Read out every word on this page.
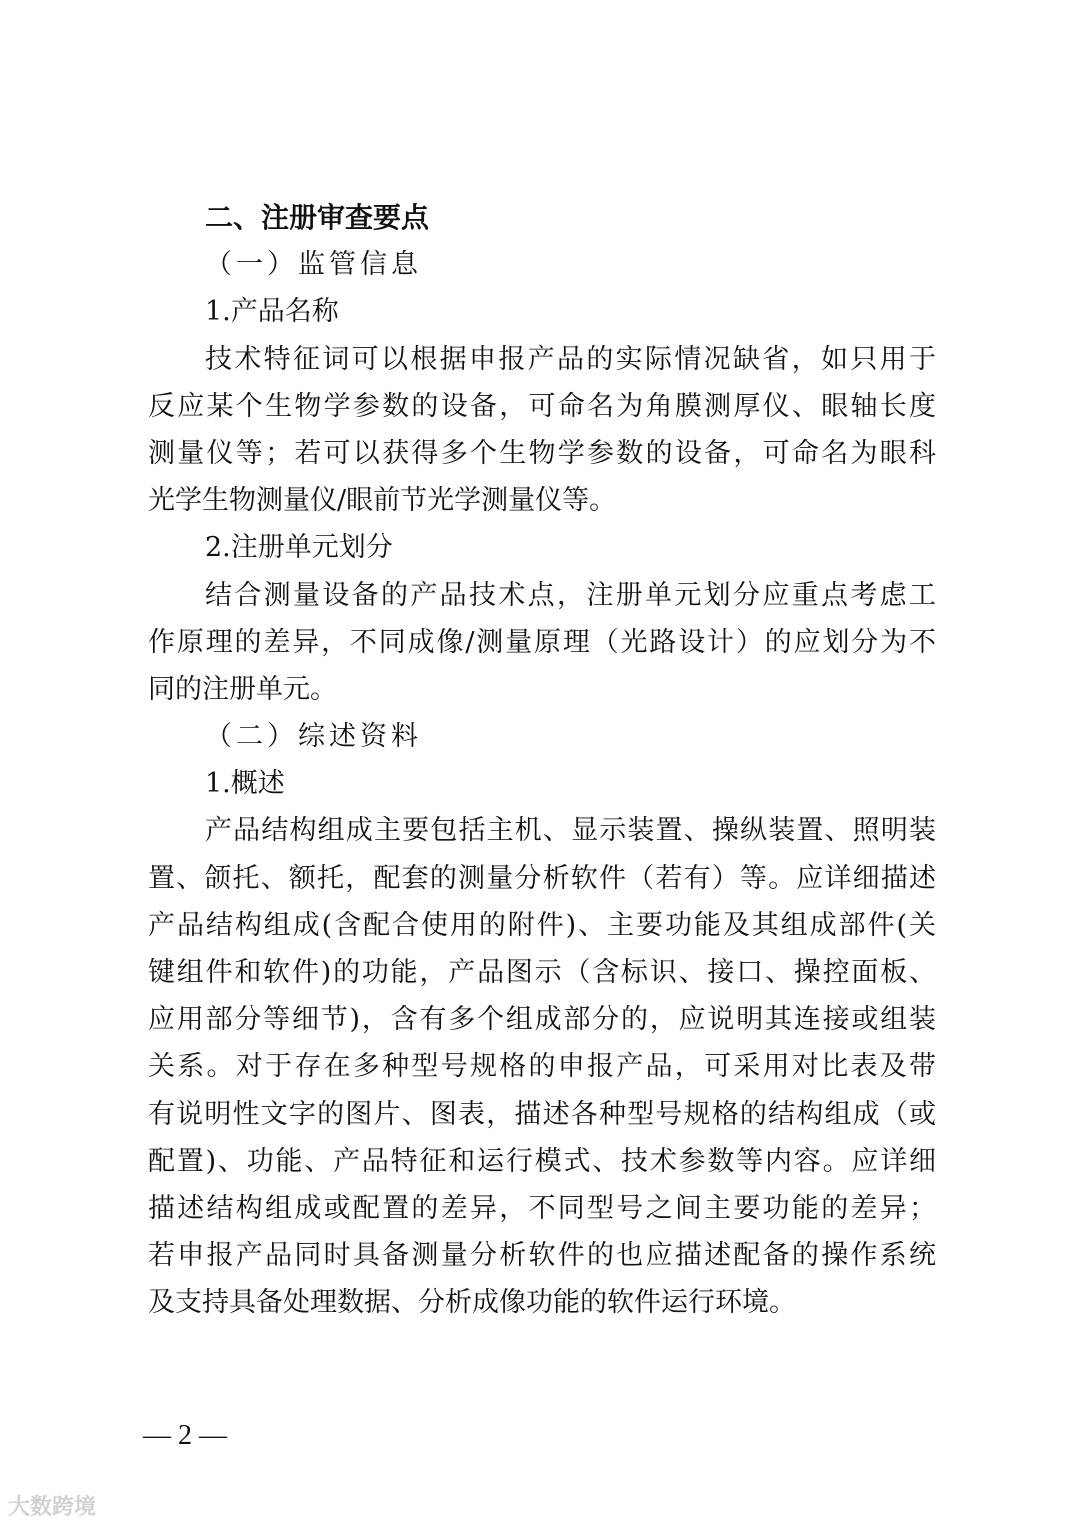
二、注册审查要点
（一）监管信息
1.产品名称
技术特征词可以根据申报产品的实际情况缺省，如只用于
反应某个生物学参数的设备，可命名为角膜测厚仪、眼轴长度
测量仪等；若可以获得多个生物学参数的设备，可命名为眼科
光学生物测量仪/眼前节光学测量仪等。
2.注册单元划分
结合测量设备的产品技术点，注册单元划分应重点考虑工
作原理的差异，不同成像/测量原理（光路设计）的应划分为不
同的注册单元。
（二）综述资料
1.概述
产品结构组成主要包括主机、显示装置、操纵装置、照明装
置、颌托、额托，配套的测量分析软件（若有）等。应详细描述
产品结构组成(含配合使用的附件)、主要功能及其组成部件(关
键组件和软件)的功能，产品图示（含标识、接口、操控面板、
应用部分等细节)，含有多个组成部分的，应说明其连接或组装
关系。对于存在多种型号规格的申报产品，可采用对比表及带
有说明性文字的图片、图表，描述各种型号规格的结构组成（或
配置)、功能、产品特征和运行模式、技术参数等内容。应详细
描述结构组成或配置的差异，不同型号之间主要功能的差异；
若申报产品同时具备测量分析软件的也应描述配备的操作系统
及支持具备处理数据、分析成像功能的软件运行环境。
— 2 —
大数跨境
